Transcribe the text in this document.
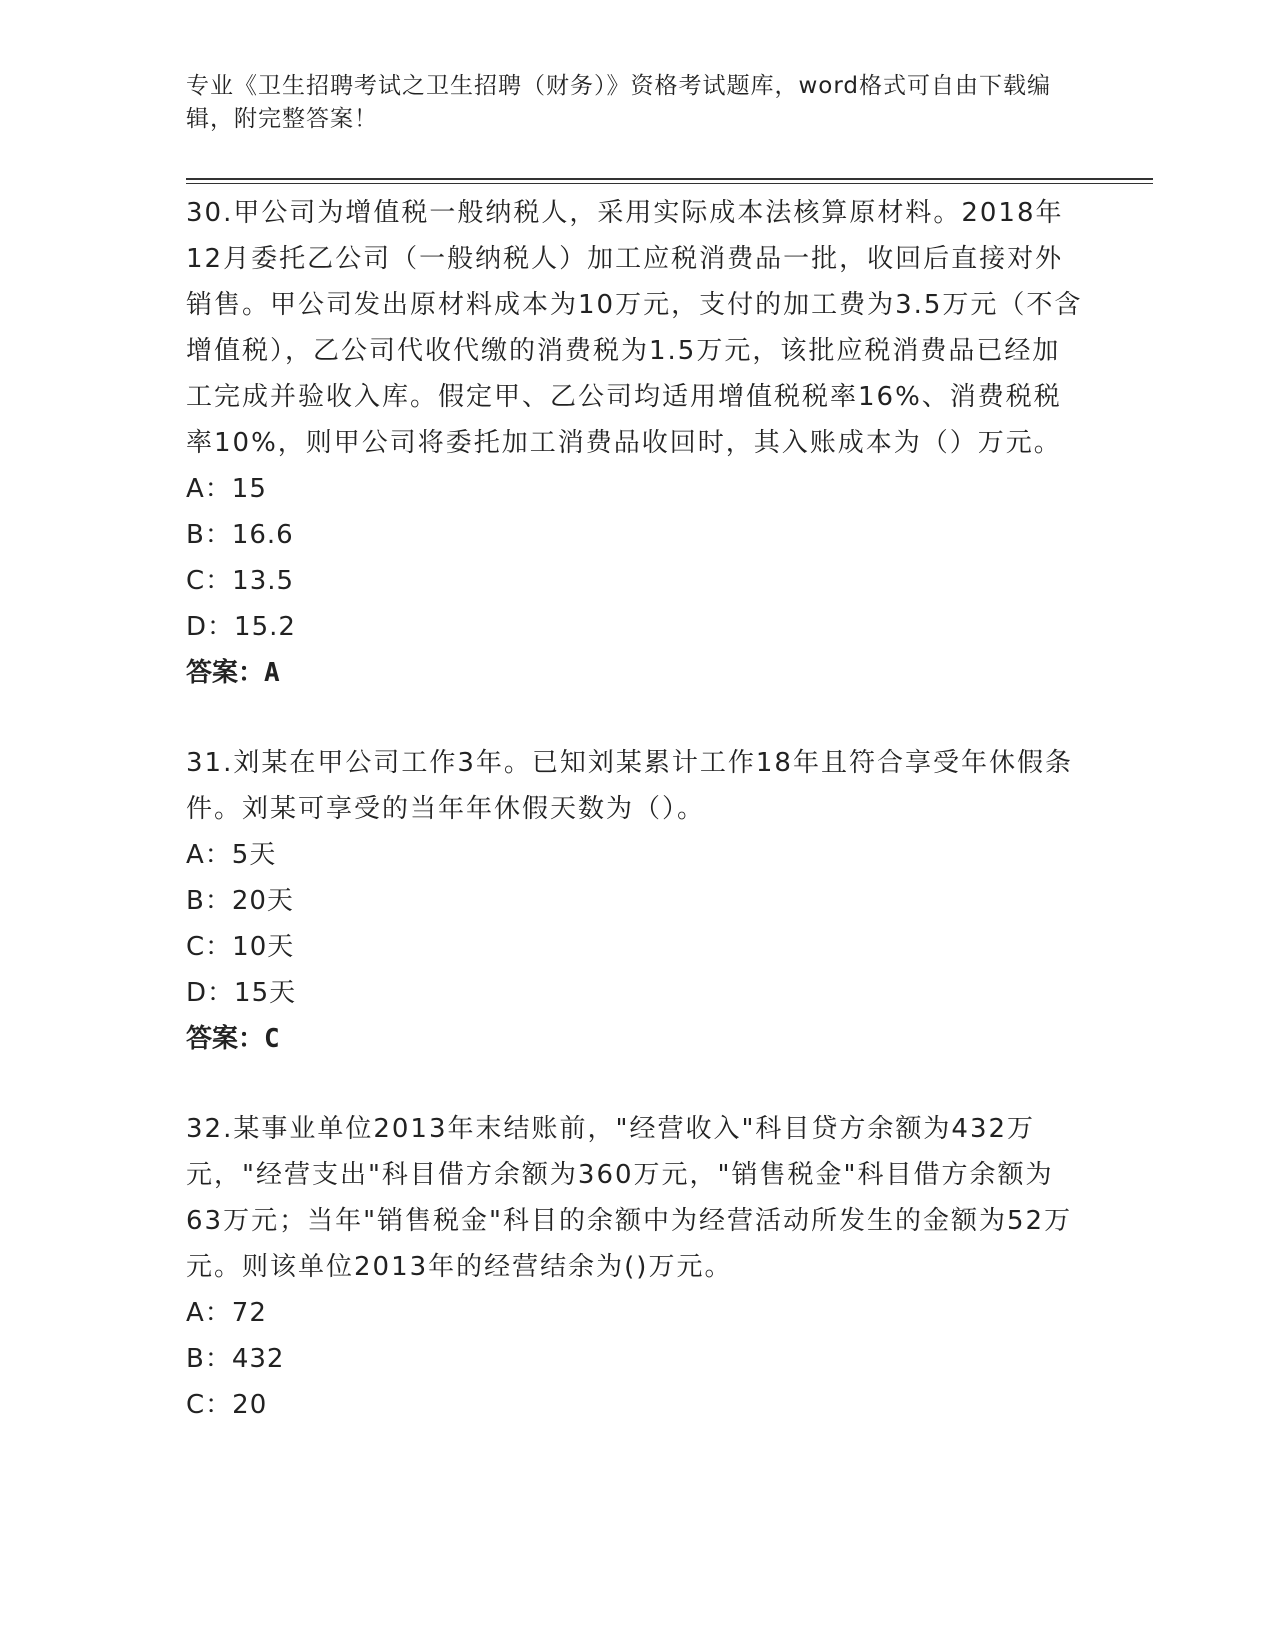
专业《卫生招聘考试之卫生招聘（财务）》资格考试题库，word格式可自由下载编辑，附完整答案！

30.甲公司为增值税一般纳税人，采用实际成本法核算原材料。2018年12月委托乙公司（一般纳税人）加工应税消费品一批，收回后直接对外销售。甲公司发出原材料成本为10万元，支付的加工费为3.5万元（不含增值税），乙公司代收代缴的消费税为1.5万元，该批应税消费品已经加工完成并验收入库。假定甲、乙公司均适用增值税税率16%、消费税税率10%，则甲公司将委托加工消费品收回时，其入账成本为（）万元。

A：15

B：16.6

C：13.5

D：15.2

答案：A

31.刘某在甲公司工作3年。已知刘某累计工作18年且符合享受年休假条件。刘某可享受的当年年休假天数为（）。

A：5天

B：20天

C：10天

D：15天

答案：C

32.某事业单位2013年末结账前，"经营收入"科目贷方余额为432万元，"经营支出"科目借方余额为360万元，"销售税金"科目借方余额为63万元；当年"销售税金"科目的余额中为经营活动所发生的金额为52万元。则该单位2013年的经营结余为()万元。

A：72

B：432

C：20
